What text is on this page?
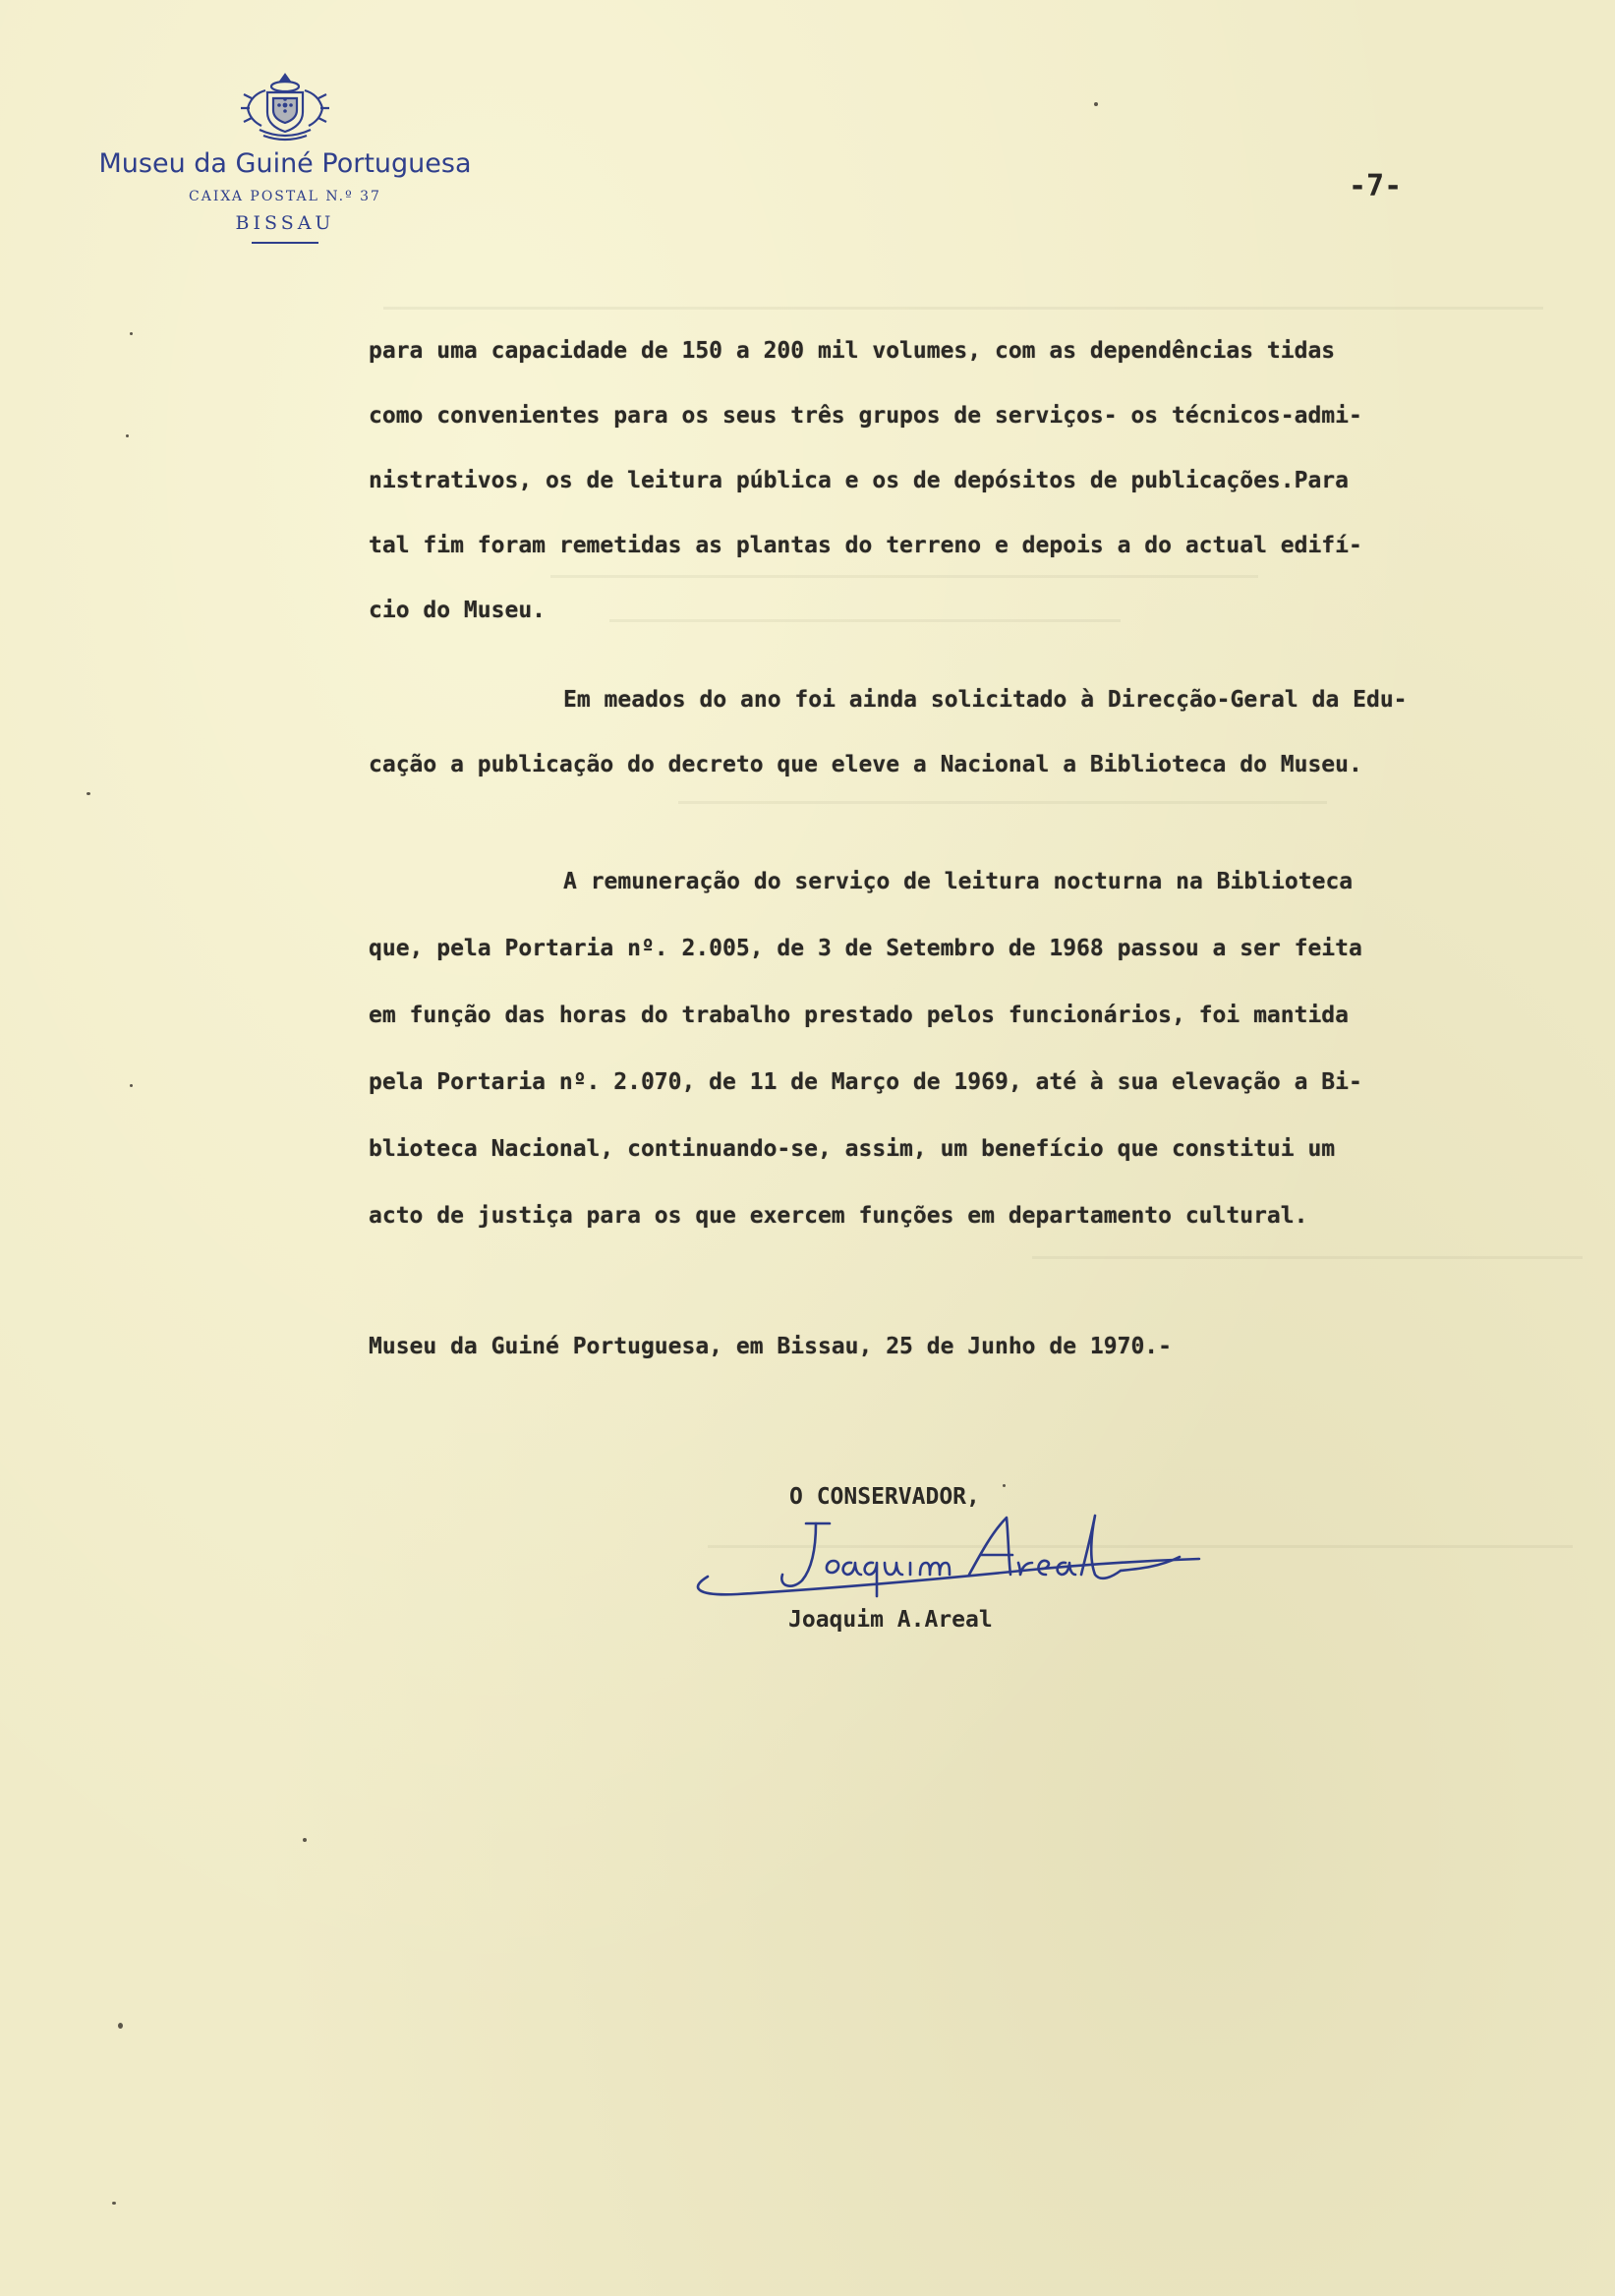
Museu da Guiné Portuguesa
CAIXA POSTAL N.º 37
BISSAU
-7-
para uma capacidade de 150 a 200 mil volumes, com as dependências tidas
como convenientes para os seus três grupos de serviços- os técnicos-admi-
nistrativos, os de leitura pública e os de depósitos de publicações.Para
tal fim foram remetidas as plantas do terreno e depois a do actual edifí-
cio do Museu.
Em meados do ano foi ainda solicitado à Direcção-Geral da Edu-
cação a publicação do decreto que eleve a Nacional a Biblioteca do Museu.
A remuneração do serviço de leitura nocturna na Biblioteca
que, pela Portaria nº. 2.005, de 3 de Setembro de 1968 passou a ser feita
em função das horas do trabalho prestado pelos funcionários, foi mantida
pela Portaria nº. 2.070, de 11 de Março de 1969, até à sua elevação a Bi-
blioteca Nacional, continuando-se, assim, um benefício que constitui um
acto de justiça para os que exercem funções em departamento cultural.
Museu da Guiné Portuguesa, em Bissau, 25 de Junho de 1970.-
O CONSERVADOR,
Joaquim A.Areal
